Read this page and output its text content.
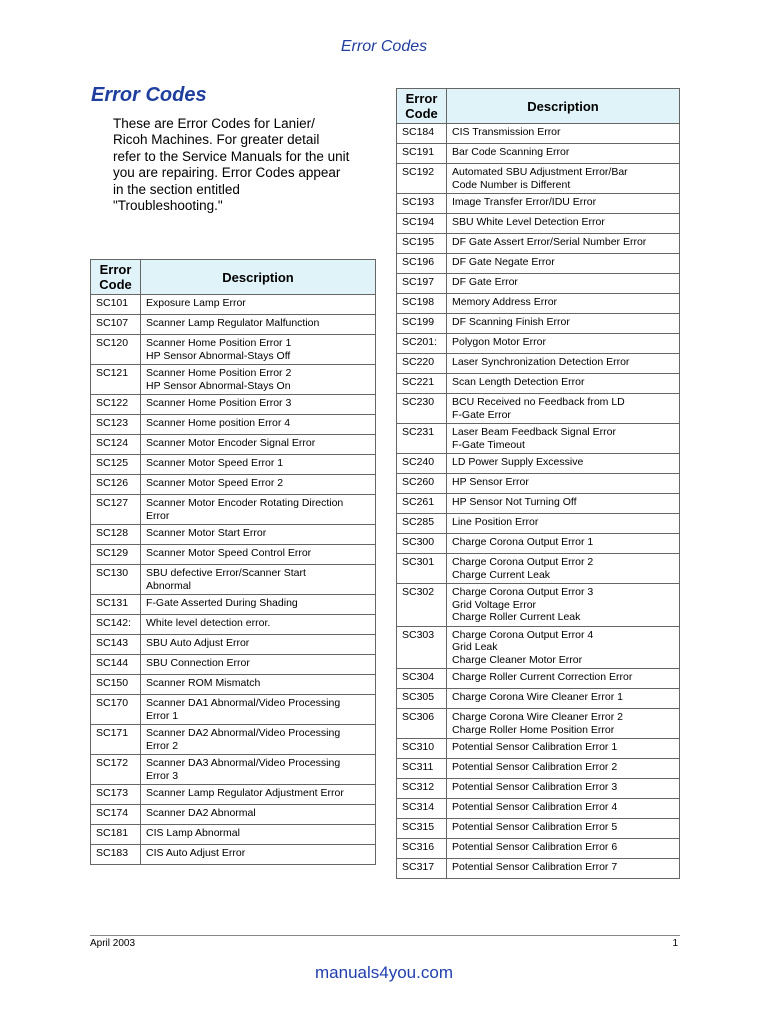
Error Codes
Error Codes
These are Error Codes for Lanier/
Ricoh Machines. For greater detail
refer to the Service Manuals for the unit
you are repairing. Error Codes appear
in the section entitled
"Troubleshooting."
Error
Code	Description
SC101	Exposure Lamp Error

SC107	Scanner Lamp Regulator Malfunction

SC120	Scanner Home Position Error 1
HP Sensor Abnormal-Stays Off

SC121	Scanner Home Position Error 2
HP Sensor Abnormal-Stays On

SC122	Scanner Home Position Error 3

SC123	Scanner Home position Error 4

SC124	Scanner Motor Encoder Signal Error

SC125	Scanner Motor Speed Error 1

SC126	Scanner Motor Speed Error 2

SC127	Scanner Motor Encoder Rotating Direction
Error

SC128	Scanner Motor Start Error

SC129	Scanner Motor Speed Control Error

SC130	SBU defective Error/Scanner Start
Abnormal

SC131	F-Gate Asserted During Shading

SC142:	White level detection error.

SC143	SBU Auto Adjust Error

SC144	SBU Connection Error

SC150	Scanner ROM Mismatch

SC170	Scanner DA1 Abnormal/Video Processing
Error 1

SC171	Scanner DA2 Abnormal/Video Processing
Error 2

SC172	Scanner DA3 Abnormal/Video Processing
Error 3

SC173	Scanner Lamp Regulator Adjustment Error

SC174	Scanner DA2 Abnormal

SC181	CIS Lamp Abnormal

SC183	CIS Auto Adjust Error
Error
Code	Description
SC184	CIS Transmission Error

SC191	Bar Code Scanning Error

SC192	Automated SBU Adjustment Error/Bar
Code Number is Different

SC193	Image Transfer Error/IDU Error

SC194	SBU White Level Detection Error

SC195	DF Gate Assert Error/Serial Number Error

SC196	DF Gate Negate Error

SC197	DF Gate Error

SC198	Memory Address Error

SC199	DF Scanning Finish Error

SC201:	Polygon Motor Error

SC220	Laser Synchronization Detection Error

SC221	Scan Length Detection Error

SC230	BCU Received no Feedback from LD
F-Gate Error

SC231	Laser Beam Feedback Signal Error
F-Gate Timeout

SC240	LD Power Supply Excessive

SC260	HP Sensor Error

SC261	HP Sensor Not Turning Off

SC285	Line Position Error

SC300	Charge Corona Output Error 1

SC301	Charge Corona Output Error 2
Charge Current Leak

SC302	Charge Corona Output Error 3
Grid Voltage Error
Charge Roller Current Leak

SC303	Charge Corona Output Error 4
Grid Leak
Charge Cleaner Motor Error

SC304	Charge Roller Current Correction Error

SC305	Charge Corona Wire Cleaner Error 1

SC306	Charge Corona Wire Cleaner Error 2
Charge Roller Home Position Error

SC310	Potential Sensor Calibration Error 1

SC311	Potential Sensor Calibration Error 2

SC312	Potential Sensor Calibration Error 3

SC314	Potential Sensor Calibration Error 4

SC315	Potential Sensor Calibration Error 5

SC316	Potential Sensor Calibration Error 6

SC317	Potential Sensor Calibration Error 7
April 2003	1
manuals4you.com
